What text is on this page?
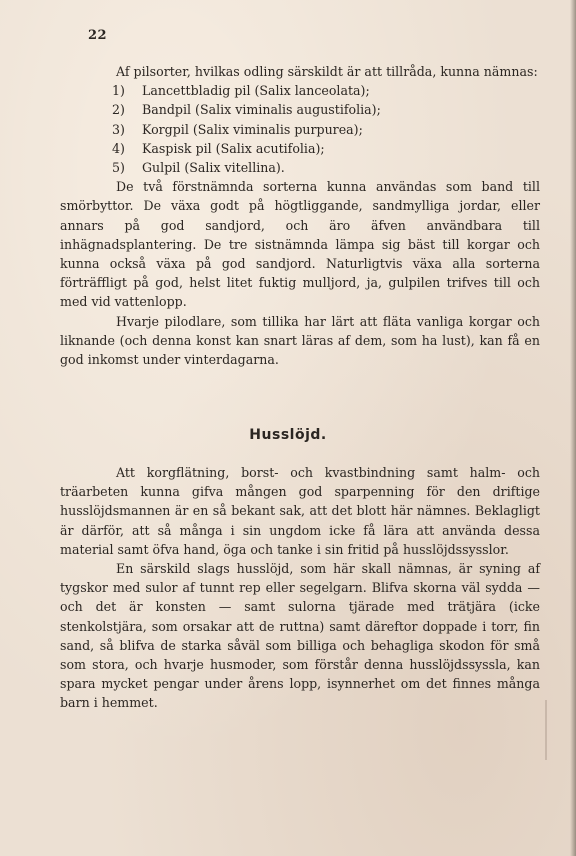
22

Af pilsorter, hvilkas odling särskildt är att tillråda, kunna nämnas:

1) Lancettbladig pil (Salix lanceolata);
2) Bandpil (Salix viminalis augustifolia);
3) Korgpil (Salix viminalis purpurea);
4) Kaspisk pil (Salix acutifolia);
5) Gulpil (Salix vitellina).

De två förstnämnda sorterna kunna användas som band till smörbyttor. De växa godt på högtliggande, sandmylliga jordar, eller annars på god sandjord, och äro äfven användbara till inhägnadsplantering. De tre sistnämnda lämpa sig bäst till korgar och kunna också växa på god sandjord. Naturligtvis växa alla sorterna förträffligt på god, helst litet fuktig mulljord, ja, gulpilen trifves till och med vid vattenlopp.

Hvarje pilodlare, som tillika har lärt att fläta vanliga korgar och liknande (och denna konst kan snart läras af dem, som ha lust), kan få en god inkomst under vinterdagarna.

Husslöjd.

Att korgflätning, borst- och kvastbindning samt halm- och träarbeten kunna gifva mången god sparpenning för den driftige husslöjdsmannen är en så bekant sak, att det blott här nämnes. Beklagligt är därför, att så många i sin ungdom icke få lära att använda dessa material samt öfva hand, öga och tanke i sin fritid på husslöjdssysslor.

En särskild slags husslöjd, som här skall nämnas, är syning af tygskor med sulor af tunnt rep eller segelgarn. Blifva skorna väl sydda — och det är konsten — samt sulorna tjärade med trätjära (icke stenkolstjära, som orsakar att de ruttna) samt däreftor doppade i torr, fin sand, så blifva de starka såväl som billiga och behagliga skodon för små som stora, och hvarje husmoder, som förstår denna husslöjdssyssla, kan spara mycket pengar under årens lopp, isynnerhet om det finnes många barn i hemmet.
